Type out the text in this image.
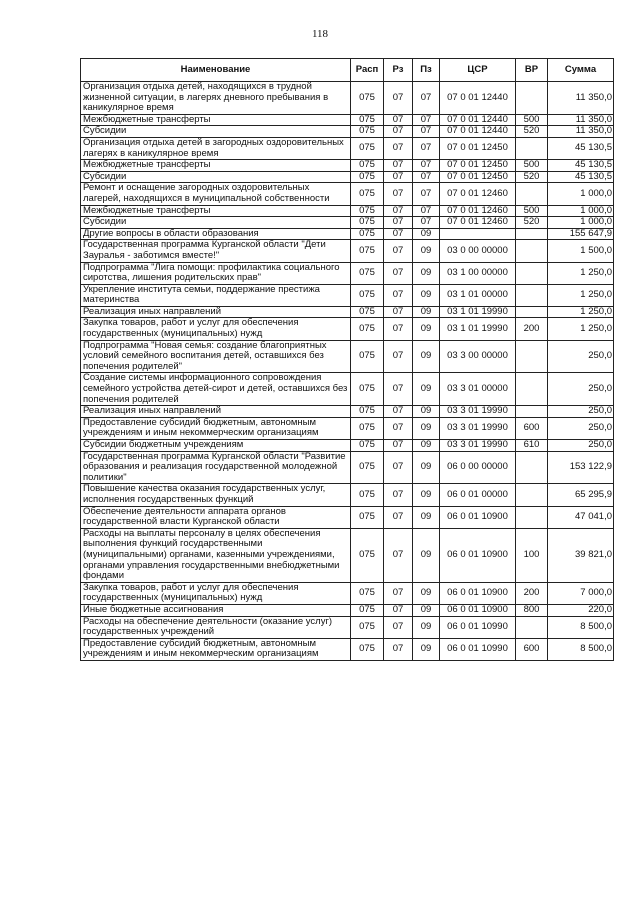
118
Наименование	Расп	Рз	Пз	ЦСР	ВР	Сумма
Организация отдыха детей, находящихся в трудной жизненной ситуации, в лагерях дневного пребывания в каникулярное время	075	07	07	07 0 01 12440		11 350,0
Межбюджетные трансферты	075	07	07	07 0 01 12440	500	11 350,0
Субсидии	075	07	07	07 0 01 12440	520	11 350,0
Организация отдыха детей в загородных оздоровительных лагерях в каникулярное время	075	07	07	07 0 01 12450		45 130,5
Межбюджетные трансферты	075	07	07	07 0 01 12450	500	45 130,5
Субсидии	075	07	07	07 0 01 12450	520	45 130,5
Ремонт и оснащение загородных оздоровительных лагерей, находящихся в муниципальной собственности	075	07	07	07 0 01 12460		1 000,0
Межбюджетные трансферты	075	07	07	07 0 01 12460	500	1 000,0
Субсидии	075	07	07	07 0 01 12460	520	1 000,0
Другие вопросы в области образования	075	07	09			155 647,9
Государственная программа Курганской области "Дети Зауралья - заботимся вместе!"	075	07	09	03 0 00 00000		1 500,0
Подпрограмма "Лига помощи: профилактика социального сиротства, лишения родительских прав"	075	07	09	03 1 00 00000		1 250,0
Укрепление института семьи, поддержание престижа материнства	075	07	09	03 1 01 00000		1 250,0
Реализация иных направлений	075	07	09	03 1 01 19990		1 250,0
Закупка товаров, работ и услуг для обеспечения государственных (муниципальных) нужд	075	07	09	03 1 01 19990	200	1 250,0
Подпрограмма "Новая семья: создание благоприятных условий семейного воспитания детей, оставшихся без попечения родителей"	075	07	09	03 3 00 00000		250,0
Создание системы информационного сопровождения семейного устройства детей-сирот и детей, оставшихся без попечения родителей	075	07	09	03 3 01 00000		250,0
Реализация иных направлений	075	07	09	03 3 01 19990		250,0
Предоставление субсидий бюджетным, автономным учреждениям и иным некоммерческим организациям	075	07	09	03 3 01 19990	600	250,0
Субсидии бюджетным учреждениям	075	07	09	03 3 01 19990	610	250,0
Государственная программа Курганской области "Развитие образования и реализация государственной молодежной политики"	075	07	09	06 0 00 00000		153 122,9
Повышение качества оказания государственных услуг, исполнения государственных функций	075	07	09	06 0 01 00000		65 295,9
Обеспечение деятельности аппарата органов государственной власти Курганской области	075	07	09	06 0 01 10900		47 041,0
Расходы на выплаты персоналу в целях обеспечения выполнения функций государственными (муниципальными) органами, казенными учреждениями, органами управления государственными внебюджетными фондами	075	07	09	06 0 01 10900	100	39 821,0
Закупка товаров, работ и услуг для обеспечения государственных (муниципальных) нужд	075	07	09	06 0 01 10900	200	7 000,0
Иные бюджетные ассигнования	075	07	09	06 0 01 10900	800	220,0
Расходы на обеспечение деятельности (оказание услуг) государственных учреждений	075	07	09	06 0 01 10990		8 500,0
Предоставление субсидий бюджетным, автономным учреждениям и иным некоммерческим организациям	075	07	09	06 0 01 10990	600	8 500,0
